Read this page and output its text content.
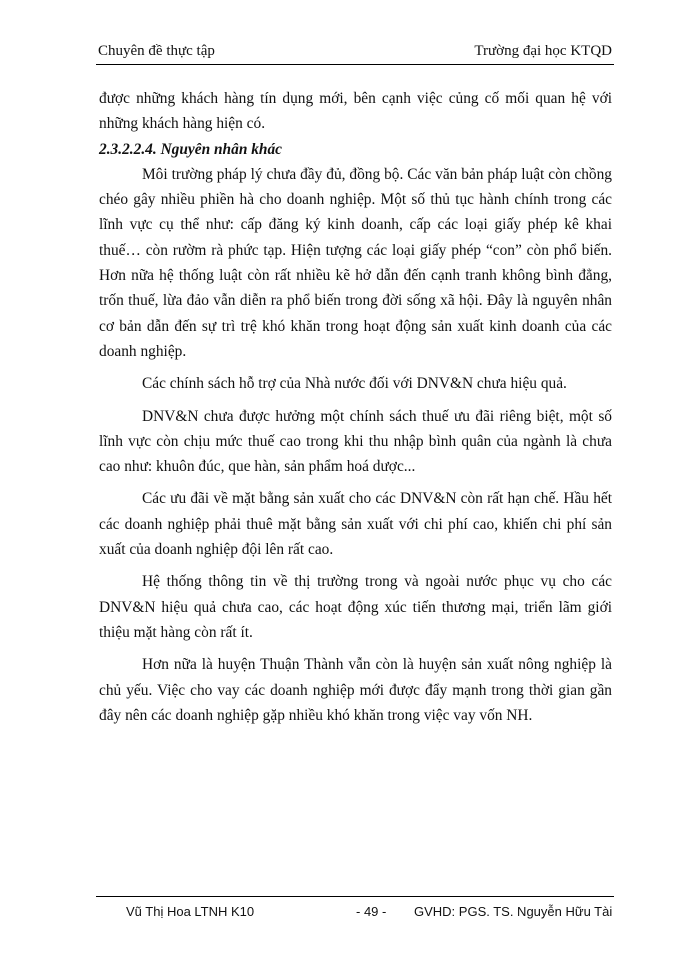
Chuyên đề thực tập	Trường đại học KTQD

được những khách hàng tín dụng mới, bên cạnh việc củng cố mối quan hệ với những khách hàng hiện có.

2.3.2.2.4. Nguyên nhân khác

Môi trường pháp lý chưa đầy đủ, đồng bộ. Các văn bản pháp luật còn chồng chéo gây nhiều phiền hà cho doanh nghiệp. Một số thủ tục hành chính trong các lĩnh vực cụ thể như: cấp đăng ký kinh doanh, cấp các loại giấy phép kê khai thuế… còn rườm rà phức tạp. Hiện tượng các loại giấy phép “con” còn phổ biến. Hơn nữa hệ thống luật còn rất nhiều kẽ hở dẫn đến cạnh tranh không bình đẳng, trốn thuế, lừa đảo vẫn diễn ra phổ biến trong đời sống xã hội. Đây là nguyên nhân cơ bản dẫn đến sự trì trệ khó khăn trong hoạt động sản xuất kinh doanh của các doanh nghiệp.

Các chính sách hỗ trợ của Nhà nước đối với DNV&N chưa hiệu quả.

DNV&N chưa được hưởng một chính sách thuế ưu đãi riêng biệt, một số lĩnh vực còn chịu mức thuế cao trong khi thu nhập bình quân của ngành là chưa cao như: khuôn đúc, que hàn, sản phẩm hoá dược...

Các ưu đãi về mặt bằng sản xuất cho các DNV&N còn rất hạn chế. Hầu hết các doanh nghiệp phải thuê mặt bằng sản xuất với chi phí cao, khiến chi phí sản xuất của doanh nghiệp đội lên rất cao.

Hệ thống thông tin về thị trường trong và ngoài nước phục vụ cho các DNV&N hiệu quả chưa cao, các hoạt động xúc tiến thương mại, triển lãm giới thiệu mặt hàng còn rất ít.

Hơn nữa là huyện Thuận Thành vẫn còn là huyện sản xuất nông nghiệp là chủ yếu. Việc cho vay các doanh nghiệp mới được đẩy mạnh trong thời gian gần đây nên các doanh nghiệp gặp nhiều khó khăn trong việc vay vốn NH.

Vũ Thị Hoa LTNH K10	- 49 - GVHD: PGS. TS. Nguyễn Hữu Tài
